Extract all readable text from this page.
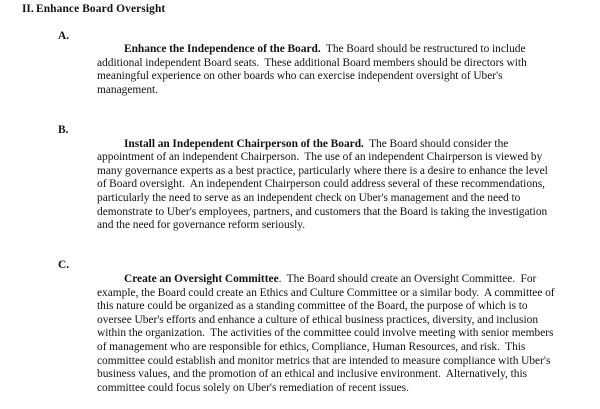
II. Enhance Board Oversight
A.

Enhance the Independence of the Board.  The Board should be restructured to include additional independent Board seats.  These additional Board members should be directors with meaningful experience on other boards who can exercise independent oversight of Uber's management.

B.

Install an Independent Chairperson of the Board.  The Board should consider the appointment of an independent Chairperson.  The use of an independent Chairperson is viewed by many governance experts as a best practice, particularly where there is a desire to enhance the level of Board oversight.  An independent Chairperson could address several of these recommendations, particularly the need to serve as an independent check on Uber's management and the need to demonstrate to Uber's employees, partners, and customers that the Board is taking the investigation and the need for governance reform seriously.

C.

Create an Oversight Committee.  The Board should create an Oversight Committee.  For example, the Board could create an Ethics and Culture Committee or a similar body.  A committee of this nature could be organized as a standing committee of the Board, the purpose of which is to oversee Uber's efforts and enhance a culture of ethical business practices, diversity, and inclusion within the organization.  The activities of the committee could involve meeting with senior members of management who are responsible for ethics, Compliance, Human Resources, and risk.  This committee could establish and monitor metrics that are intended to measure compliance with Uber's business values, and the promotion of an ethical and inclusive environment.  Alternatively, this committee could focus solely on Uber's remediation of recent issues.
